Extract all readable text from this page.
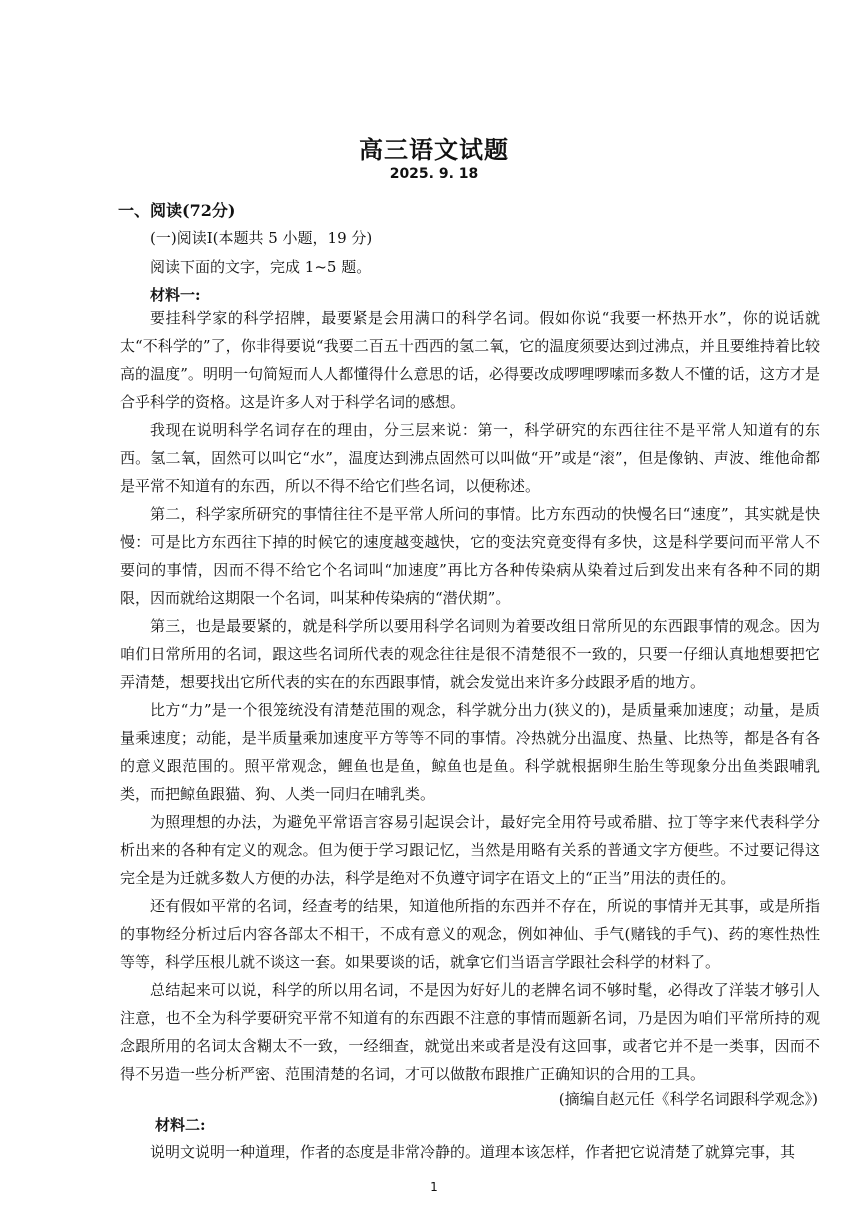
高三语文试题
2025. 9. 18
一、阅读(72分)
(一)阅读Ⅰ(本题共 5 小题，19 分)
阅读下面的文字，完成 1~5 题。
材料一:

要挂科学家的科学招牌，最要紧是会用满口的科学名词。假如你说“我要一杯热开水”，你的说话就太“不科学的”了，你非得要说“我要二百五十西西的氢二氧，它的温度须要达到过沸点，并且要维持着比较高的温度”。明明一句简短而人人都懂得什么意思的话，必得要改成啰哩啰嗦而多数人不懂的话，这方才是合乎科学的资格。这是许多人对于科学名词的感想。

我现在说明科学名词存在的理由，分三层来说：第一，科学研究的东西往往不是平常人知道有的东西。氢二氧，固然可以叫它“水”，温度达到沸点固然可以叫做“开”或是“滚”，但是像钠、声波、维他命都是平常不知道有的东西，所以不得不给它们些名词，以便称述。

第二，科学家所研究的事情往往不是平常人所问的事情。比方东西动的快慢名曰“速度”，其实就是快慢：可是比方东西往下掉的时候它的速度越变越快，它的变法究竟变得有多快，这是科学要问而平常人不要问的事情，因而不得不给它个名词叫“加速度”再比方各种传染病从染着过后到发出来有各种不同的期限，因而就给这期限一个名词，叫某种传染病的“潜伏期”。

第三，也是最要紧的，就是科学所以要用科学名词则为着要改组日常所见的东西跟事情的观念。因为咱们日常所用的名词，跟这些名词所代表的观念往往是很不清楚很不一致的，只要一仔细认真地想要把它弄清楚，想要找出它所代表的实在的东西跟事情，就会发觉出来许多分歧跟矛盾的地方。

比方“力”是一个很笼统没有清楚范围的观念，科学就分出力(狭义的)，是质量乘加速度；动量，是质量乘速度；动能，是半质量乘加速度平方等等不同的事情。冷热就分出温度、热量、比热等，都是各有各的意义跟范围的。照平常观念，鲤鱼也是鱼，鲸鱼也是鱼。科学就根据卵生胎生等现象分出鱼类跟哺乳类，而把鲸鱼跟猫、狗、人类一同归在哺乳类。

为照理想的办法，为避免平常语言容易引起误会计，最好完全用符号或希腊、拉丁等字来代表科学分析出来的各种有定义的观念。但为便于学习跟记忆，当然是用略有关系的普通文字方便些。不过要记得这完全是为迁就多数人方便的办法，科学是绝对不负遵守词字在语文上的“正当”用法的责任的。

还有假如平常的名词，经查考的结果，知道他所指的东西并不存在，所说的事情并无其事，或是所指的事物经分析过后内容各部太不相干，不成有意义的观念，例如神仙、手气(赌钱的手气)、药的寒性热性等等，科学压根儿就不谈这一套。如果要谈的话，就拿它们当语言学跟社会科学的材料了。

总结起来可以说，科学的所以用名词，不是因为好好儿的老牌名词不够时髦，必得改了洋装才够引人注意，也不全为科学要研究平常不知道有的东西跟不注意的事情而题新名词，乃是因为咱们平常所持的观念跟所用的名词太含糊太不一致，一经细查，就觉出来或者是没有这回事，或者它并不是一类事，因而不得不另造一些分析严密、范围清楚的名词，才可以做散布跟推广正确知识的合用的工具。

(摘编自赵元任《科学名词跟科学观念》)
材料二:

说明文说明一种道理，作者的态度是非常冷静的。道理本该怎样，作者把它说清楚了就算完事，其

1
